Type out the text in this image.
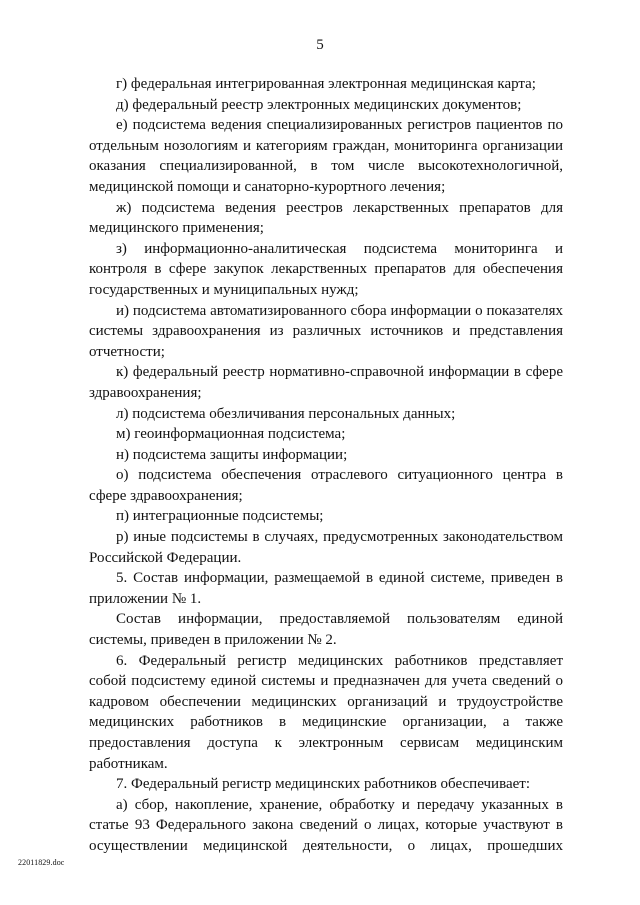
5

г) федеральная интегрированная электронная медицинская карта;

д) федеральный реестр электронных медицинских документов;

е) подсистема ведения специализированных регистров пациентов по отдельным нозологиям и категориям граждан, мониторинга организации оказания специализированной, в том числе высокотехнологичной, медицинской помощи и санаторно-курортного лечения;

ж) подсистема ведения реестров лекарственных препаратов для медицинского применения;

з) информационно-аналитическая подсистема мониторинга и контроля в сфере закупок лекарственных препаратов для обеспечения государственных и муниципальных нужд;

и) подсистема автоматизированного сбора информации о показателях системы здравоохранения из различных источников и представления отчетности;

к) федеральный реестр нормативно-справочной информации в сфере здравоохранения;

л) подсистема обезличивания персональных данных;

м) геоинформационная подсистема;

н) подсистема защиты информации;

о) подсистема обеспечения отраслевого ситуационного центра в сфере здравоохранения;

п) интеграционные подсистемы;

р) иные подсистемы в случаях, предусмотренных законодательством Российской Федерации.

5. Состав информации, размещаемой в единой системе, приведен в приложении № 1.

Состав информации, предоставляемой пользователям единой системы, приведен в приложении № 2.

6. Федеральный регистр медицинских работников представляет собой подсистему единой системы и предназначен для учета сведений о кадровом обеспечении медицинских организаций и трудоустройстве медицинских работников в медицинские организации, а также предоставления доступа к электронным сервисам медицинским работникам.

7. Федеральный регистр медицинских работников обеспечивает:

а) сбор, накопление, хранение, обработку и передачу указанных в статье 93 Федерального закона сведений о лицах, которые участвуют в осуществлении медицинской деятельности, о лицах, прошедших

22011829.doc
